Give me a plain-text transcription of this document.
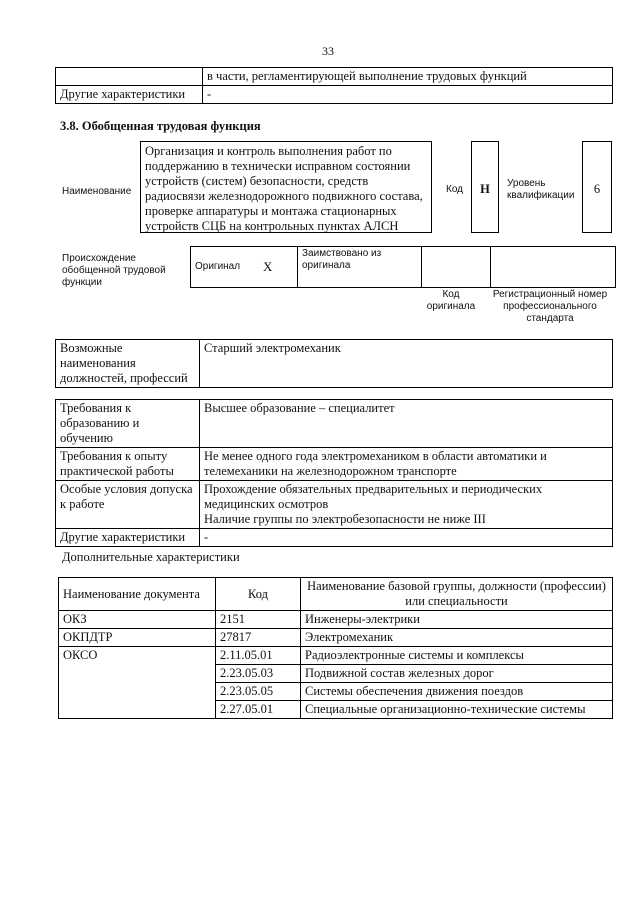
33
	в части, регламентирующей выполнение трудовых функций
Другие характеристики	-
3.8. Обобщенная трудовая функция
Наименование
Организация и контроль выполнения работ по поддержанию в технически исправном состоянии устройств (систем) безопасности, средств радиосвязи железнодорожного подвижного состава, проверке аппаратуры и монтажа стационарных устройств СЦБ на контрольных пунктах АЛСН
Код	H	Уровень квалификации	6
Происхождение обобщенной трудовой функции
Оригинал	X	Заимствовано из оригинала		
Код оригинала
Регистрационный номер профессионального стандарта
Возможные наименования должностей, профессий	Старший электромеханик
Требования к образованию и обучению	Высшее образование – специалитет
Требования к опыту практической работы	Не менее одного года электромехаником в области автоматики и телемеханики на железнодорожном транспорте
Особые условия допуска к работе	Прохождение обязательных предварительных и периодических медицинских осмотров
Наличие группы по электробезопасности не ниже III

Другие характеристики	-
Дополнительные характеристики
Наименование документа	Код	Наименование базовой группы, должности (профессии) или специальности
ОКЗ	2151	Инженеры-электрики
ОКПДТР	27817	Электромеханик
ОКСО	2.11.05.01	Радиоэлектронные системы и комплексы
	2.23.05.03	Подвижной состав железных дорог
	2.23.05.05	Системы обеспечения движения поездов
	2.27.05.01	Специальные организационно-технические системы
